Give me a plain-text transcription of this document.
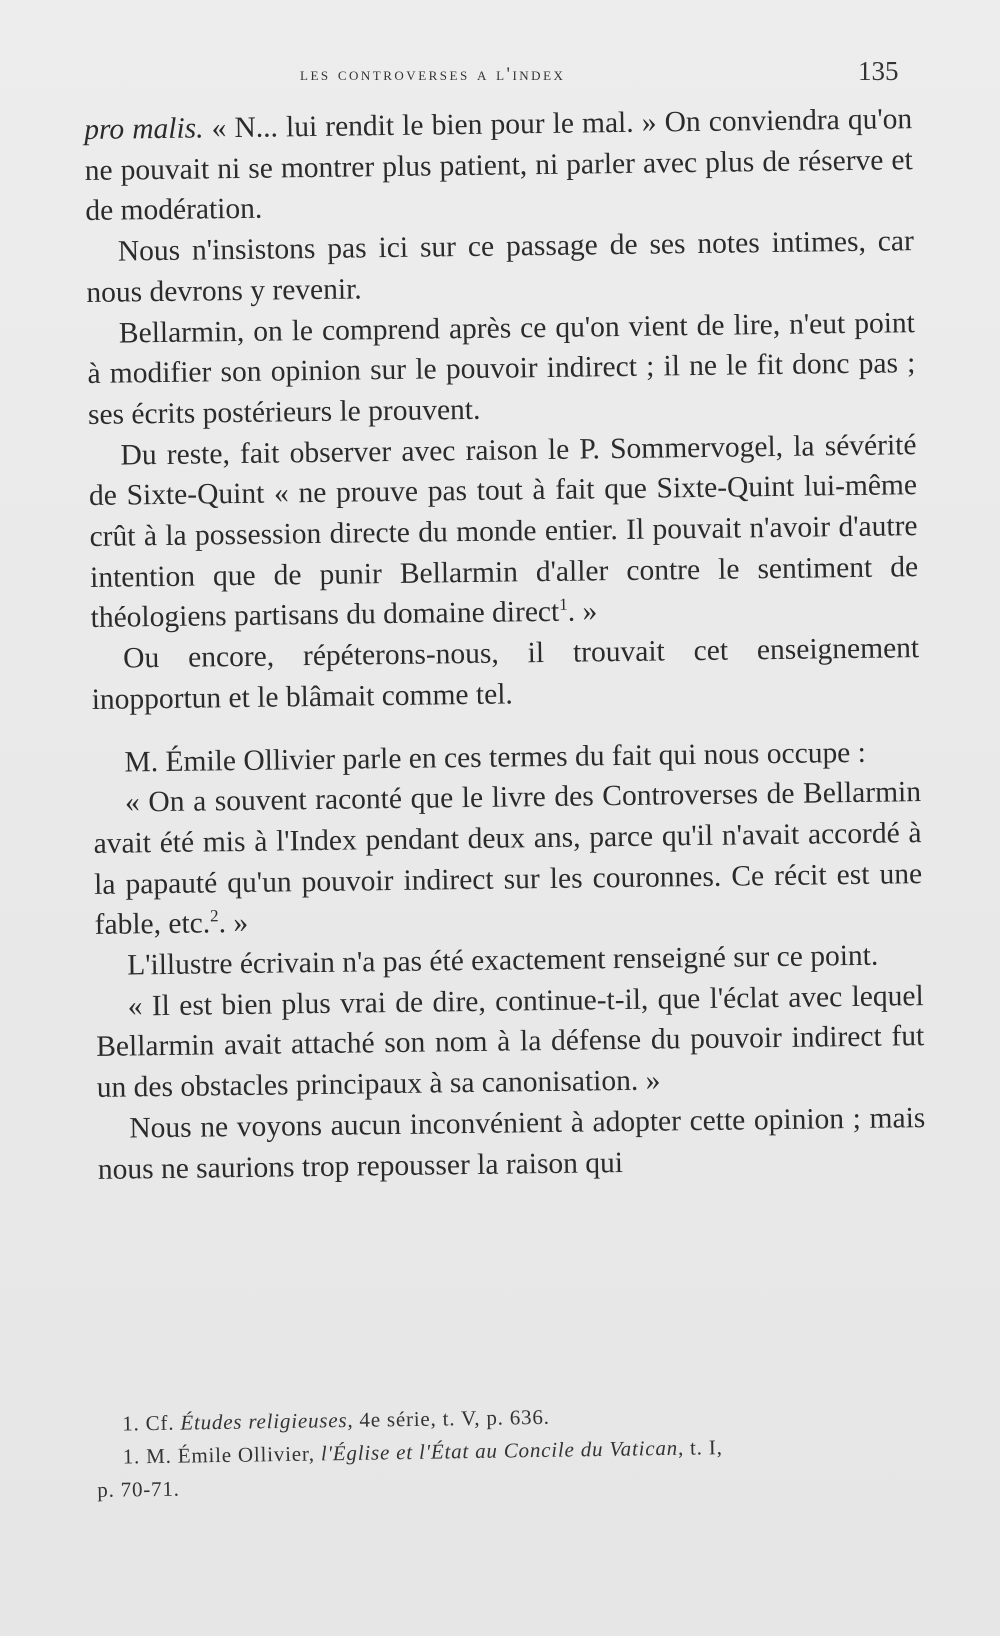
les controverses a l'index	135

pro malis. « N... lui rendit le bien pour le mal. » On conviendra qu'on ne pouvait ni se montrer plus patient, ni parler avec plus de réserve et de modération.

Nous n'insistons pas ici sur ce passage de ses notes intimes, car nous devrons y revenir.

Bellarmin, on le comprend après ce qu'on vient de lire, n'eut point à modifier son opinion sur le pouvoir indirect ; il ne le fit donc pas ; ses écrits postérieurs le prouvent.

Du reste, fait observer avec raison le P. Sommervogel, la sévérité de Sixte-Quint « ne prouve pas tout à fait que Sixte-Quint lui-même crût à la possession directe du monde entier. Il pouvait n'avoir d'autre intention que de punir Bellarmin d'aller contre le sentiment de théologiens partisans du domaine direct$^1$. »

Ou encore, répéterons-nous, il trouvait cet enseignement inopportun et le blâmait comme tel.

M. Émile Ollivier parle en ces termes du fait qui nous occupe :

« On a souvent raconté que le livre des Controverses de Bellarmin avait été mis à l'Index pendant deux ans, parce qu'il n'avait accordé à la papauté qu'un pouvoir indirect sur les couronnes. Ce récit est une fable, etc.$^2$. »

L'illustre écrivain n'a pas été exactement renseigné sur ce point.

« Il est bien plus vrai de dire, continue-t-il, que l'éclat avec lequel Bellarmin avait attaché son nom à la défense du pouvoir indirect fut un des obstacles principaux à sa canonisation. »

Nous ne voyons aucun inconvénient à adopter cette opinion ; mais nous ne saurions trop repousser la raison qui

1. Cf. Études religieuses, 4e série, t. V, p. 636.

1. M. Émile Ollivier, l'Église et l'État au Concile du Vatican, t. I,

p. 70-71.
